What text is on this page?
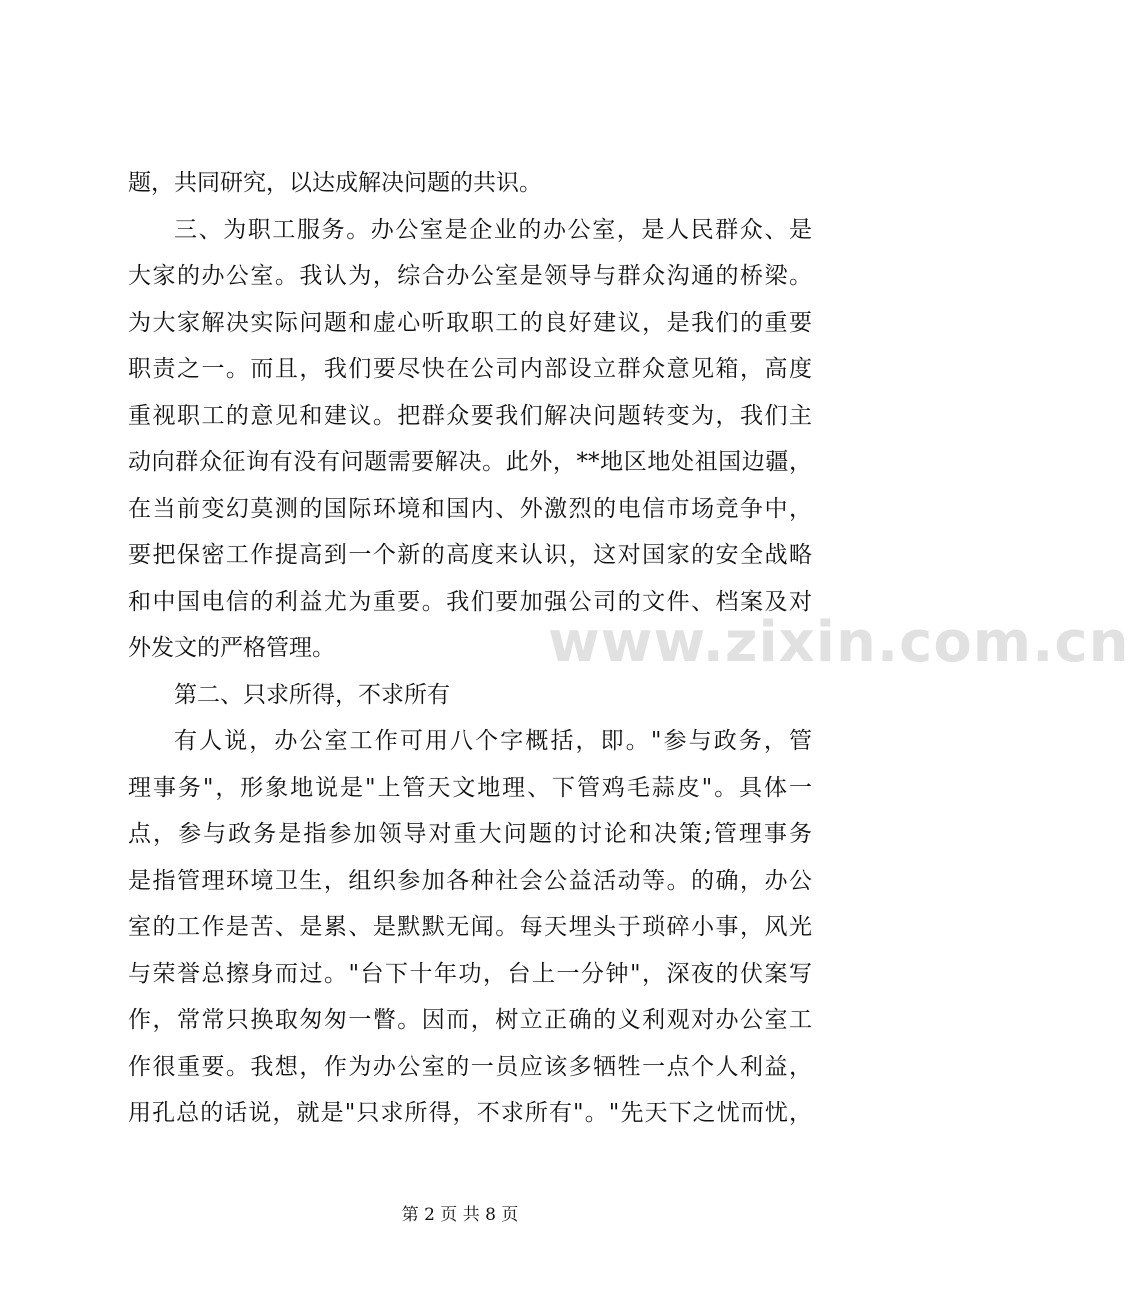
题，共同研究，以达成解决问题的共识。
三、为职工服务。办公室是企业的办公室，是人民群众、是
大家的办公室。我认为，综合办公室是领导与群众沟通的桥梁。
为大家解决实际问题和虚心听取职工的良好建议，是我们的重要
职责之一。而且，我们要尽快在公司内部设立群众意见箱，高度
重视职工的意见和建议。把群众要我们解决问题转变为，我们主
动向群众征询有没有问题需要解决。此外，**地区地处祖国边疆，
在当前变幻莫测的国际环境和国内、外激烈的电信市场竞争中，
要把保密工作提高到一个新的高度来认识，这对国家的安全战略
和中国电信的利益尤为重要。我们要加强公司的文件、档案及对
外发文的严格管理。
第二、只求所得，不求所有
有人说，办公室工作可用八个字概括，即。"参与政务，管
理事务"，形象地说是"上管天文地理、下管鸡毛蒜皮"。具体一
点，参与政务是指参加领导对重大问题的讨论和决策;管理事务
是指管理环境卫生，组织参加各种社会公益活动等。的确，办公
室的工作是苦、是累、是默默无闻。每天埋头于琐碎小事，风光
与荣誉总擦身而过。"台下十年功，台上一分钟"，深夜的伏案写
作，常常只换取匆匆一瞥。因而，树立正确的义利观对办公室工
作很重要。我想，作为办公室的一员应该多牺牲一点个人利益，
用孔总的话说，就是"只求所得，不求所有"。"先天下之忧而忧，
www.zixin.com.cn
第 2 页 共 8 页
